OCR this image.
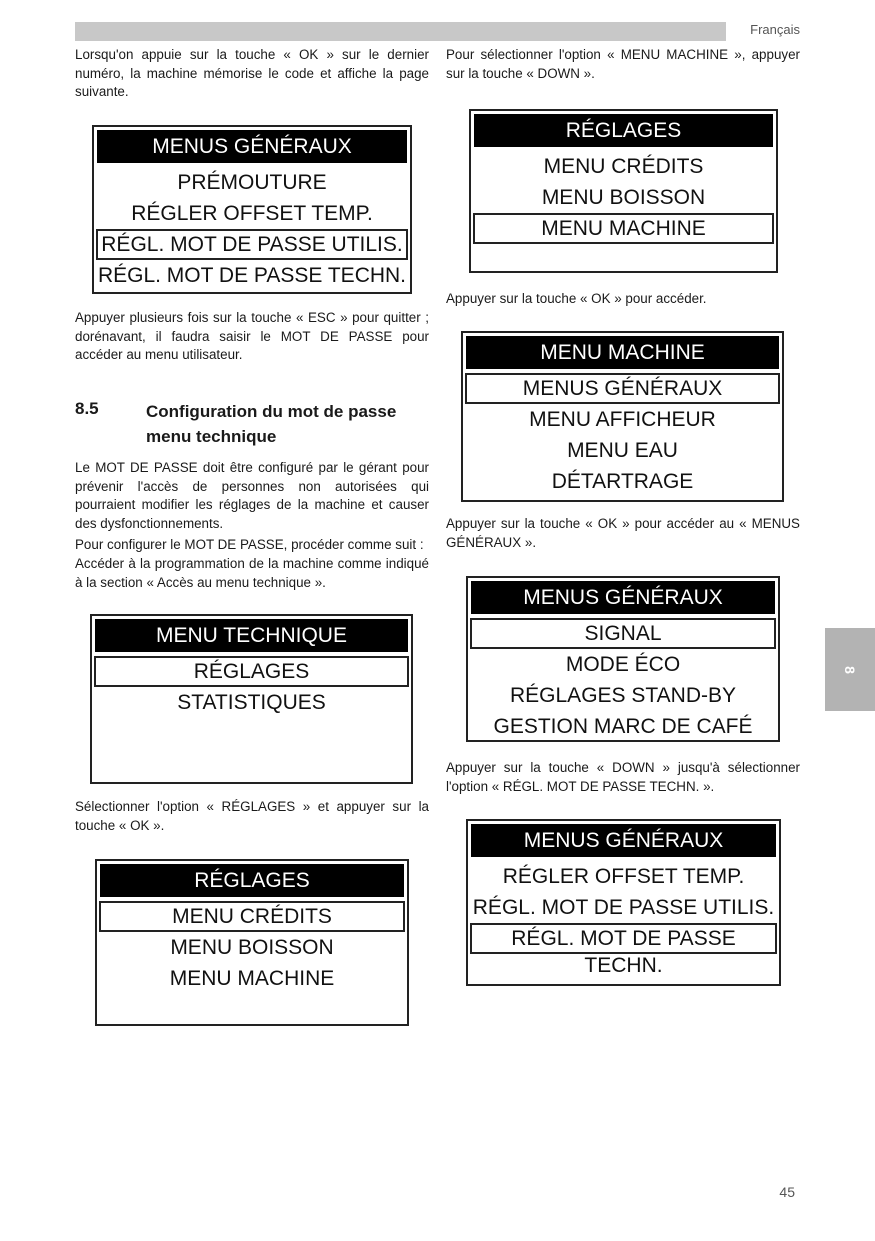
Français
45
8

Lorsqu'on appuie sur la touche « OK » sur le dernier numéro, la machine mémorise le code et affiche la page suivante.

MENUS GÉNÉRAUX
PRÉMOUTURE
RÉGLER OFFSET TEMP.
RÉGL. MOT DE PASSE UTILIS.
RÉGL. MOT DE PASSE TECHN.

Appuyer plusieurs fois sur la touche « ESC » pour quitter ; dorénavant, il faudra saisir le MOT DE PASSE pour accéder au menu utilisateur.

8.5	Configuration du mot de passe menu technique

Le MOT DE PASSE doit être configuré par le gérant pour prévenir l'accès de personnes non autorisées qui pourraient modifier les réglages de la machine et causer des dysfonctionnements.

Pour configurer le MOT DE PASSE, procéder comme suit :

Accéder à la programmation de la machine comme indiqué à la section « Accès au menu technique ».

MENU TECHNIQUE
RÉGLAGES
STATISTIQUES

Sélectionner l'option « RÉGLAGES » et appuyer sur la touche « OK ».

RÉGLAGES
MENU CRÉDITS
MENU BOISSON
MENU MACHINE

Pour sélectionner l'option « MENU MACHINE », appuyer sur la touche « DOWN ».

RÉGLAGES
MENU CRÉDITS
MENU BOISSON
MENU MACHINE

Appuyer sur la touche « OK » pour accéder.

MENU MACHINE
MENUS GÉNÉRAUX
MENU AFFICHEUR
MENU EAU
DÉTARTRAGE

Appuyer sur la touche « OK » pour accéder au « MENUS GÉNÉRAUX ».

MENUS GÉNÉRAUX
SIGNAL
MODE ÉCO
RÉGLAGES STAND-BY
GESTION MARC DE CAFÉ

Appuyer sur la touche « DOWN » jusqu'à sélectionner l'option « RÉGL. MOT DE PASSE TECHN. ».

MENUS GÉNÉRAUX
RÉGLER OFFSET TEMP.
RÉGL. MOT DE PASSE UTILIS.
RÉGL. MOT DE PASSE TECHN.
